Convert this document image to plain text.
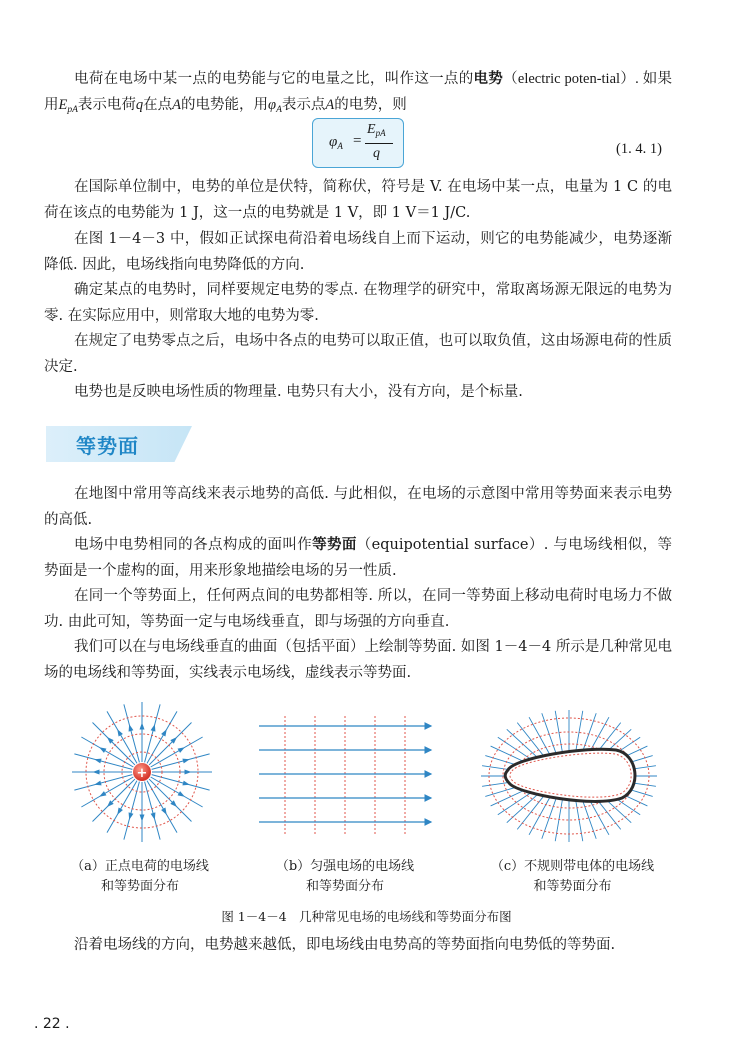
电荷在电场中某一点的电势能与它的电量之比，叫作这一点的电势（electric poten-tial）. 如果用$E_{pA}$表示电荷q在点A的电势能，用$\varphi_A$表示点A的电势，则

$\varphi_A$ =
$E_{pA}$
q	(1. 4. 1)

在国际单位制中，电势的单位是伏特，简称伏，符号是 V. 在电场中某一点，电量为 1 C 的电荷在该点的电势能为 1 J，这一点的电势就是 1 V，即 1 V＝1 J/C.

在图 1－4－3 中，假如正试探电荷沿着电场线自上而下运动，则它的电势能减少，电势逐渐降低. 因此，电场线指向电势降低的方向.

确定某点的电势时，同样要规定电势的零点. 在物理学的研究中，常取离场源无限远的电势为零. 在实际应用中，则常取大地的电势为零.

在规定了电势零点之后，电场中各点的电势可以取正值，也可以取负值，这由场源电荷的性质决定.

电势也是反映电场性质的物理量. 电势只有大小，没有方向，是个标量.

等势面

在地图中常用等高线来表示地势的高低. 与此相似，在电场的示意图中常用等势面来表示电势的高低.

电场中电势相同的各点构成的面叫作等势面（equipotential surface）. 与电场线相似，等势面是一个虚构的面，用来形象地描绘电场的另一性质.

在同一个等势面上，任何两点间的电势都相等. 所以，在同一等势面上移动电荷时电场力不做功. 由此可知，等势面一定与电场线垂直，即与场强的方向垂直.

我们可以在与电场线垂直的曲面（包括平面）上绘制等势面. 如图 1－4－4 所示是几种常见电场的电场线和等势面，实线表示电场线，虚线表示等势面.

+
（a）正点电荷的电场线
和等势面分布
（b）匀强电场的电场线
和等势面分布
（c）不规则带电体的电场线
和等势面分布
图 1－4－4　几种常见电场的电场线和等势面分布图

沿着电场线的方向，电势越来越低，即电场线由电势高的等势面指向电势低的等势面.

. 22 .
